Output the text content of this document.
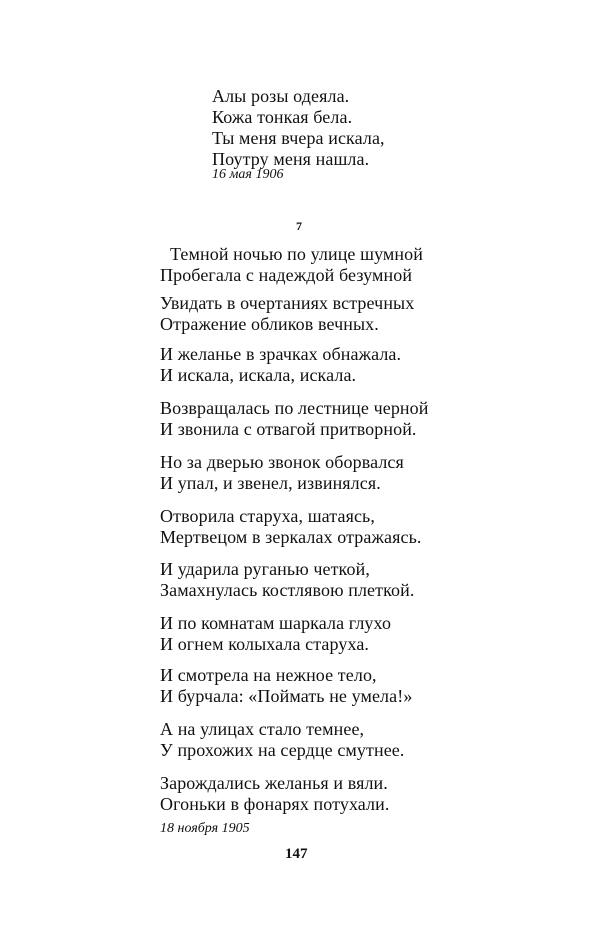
Алы розы одеяла.
Кожа тонкая бела.
Ты меня вчера искала,
Поутру меня нашла.
16 мая 1906
7
Темной ночью по улице шумной
Пробегала с надеждой безумной
Увидать в очертаниях встречных
Отражение обликов вечных.
И желанье в зрачках обнажала.
И искала, искала, искала.
Возвращалась по лестнице черной
И звонила с отвагой притворной.
Но за дверью звонок оборвался
И упал, и звенел, извинялся.
Отворила старуха, шатаясь,
Мертвецом в зеркалах отражаясь.
И ударила руганью четкой,
Замахнулась костлявою плеткой.
И по комнатам шаркала глухо
И огнем колыхала старуха.
И смотрела на нежное тело,
И бурчала: «Поймать не умела!»
А на улицах стало темнее,
У прохожих на сердце смутнее.
Зарождались желанья и вяли.
Огоньки в фонарях потухали.
18 ноября 1905
147
